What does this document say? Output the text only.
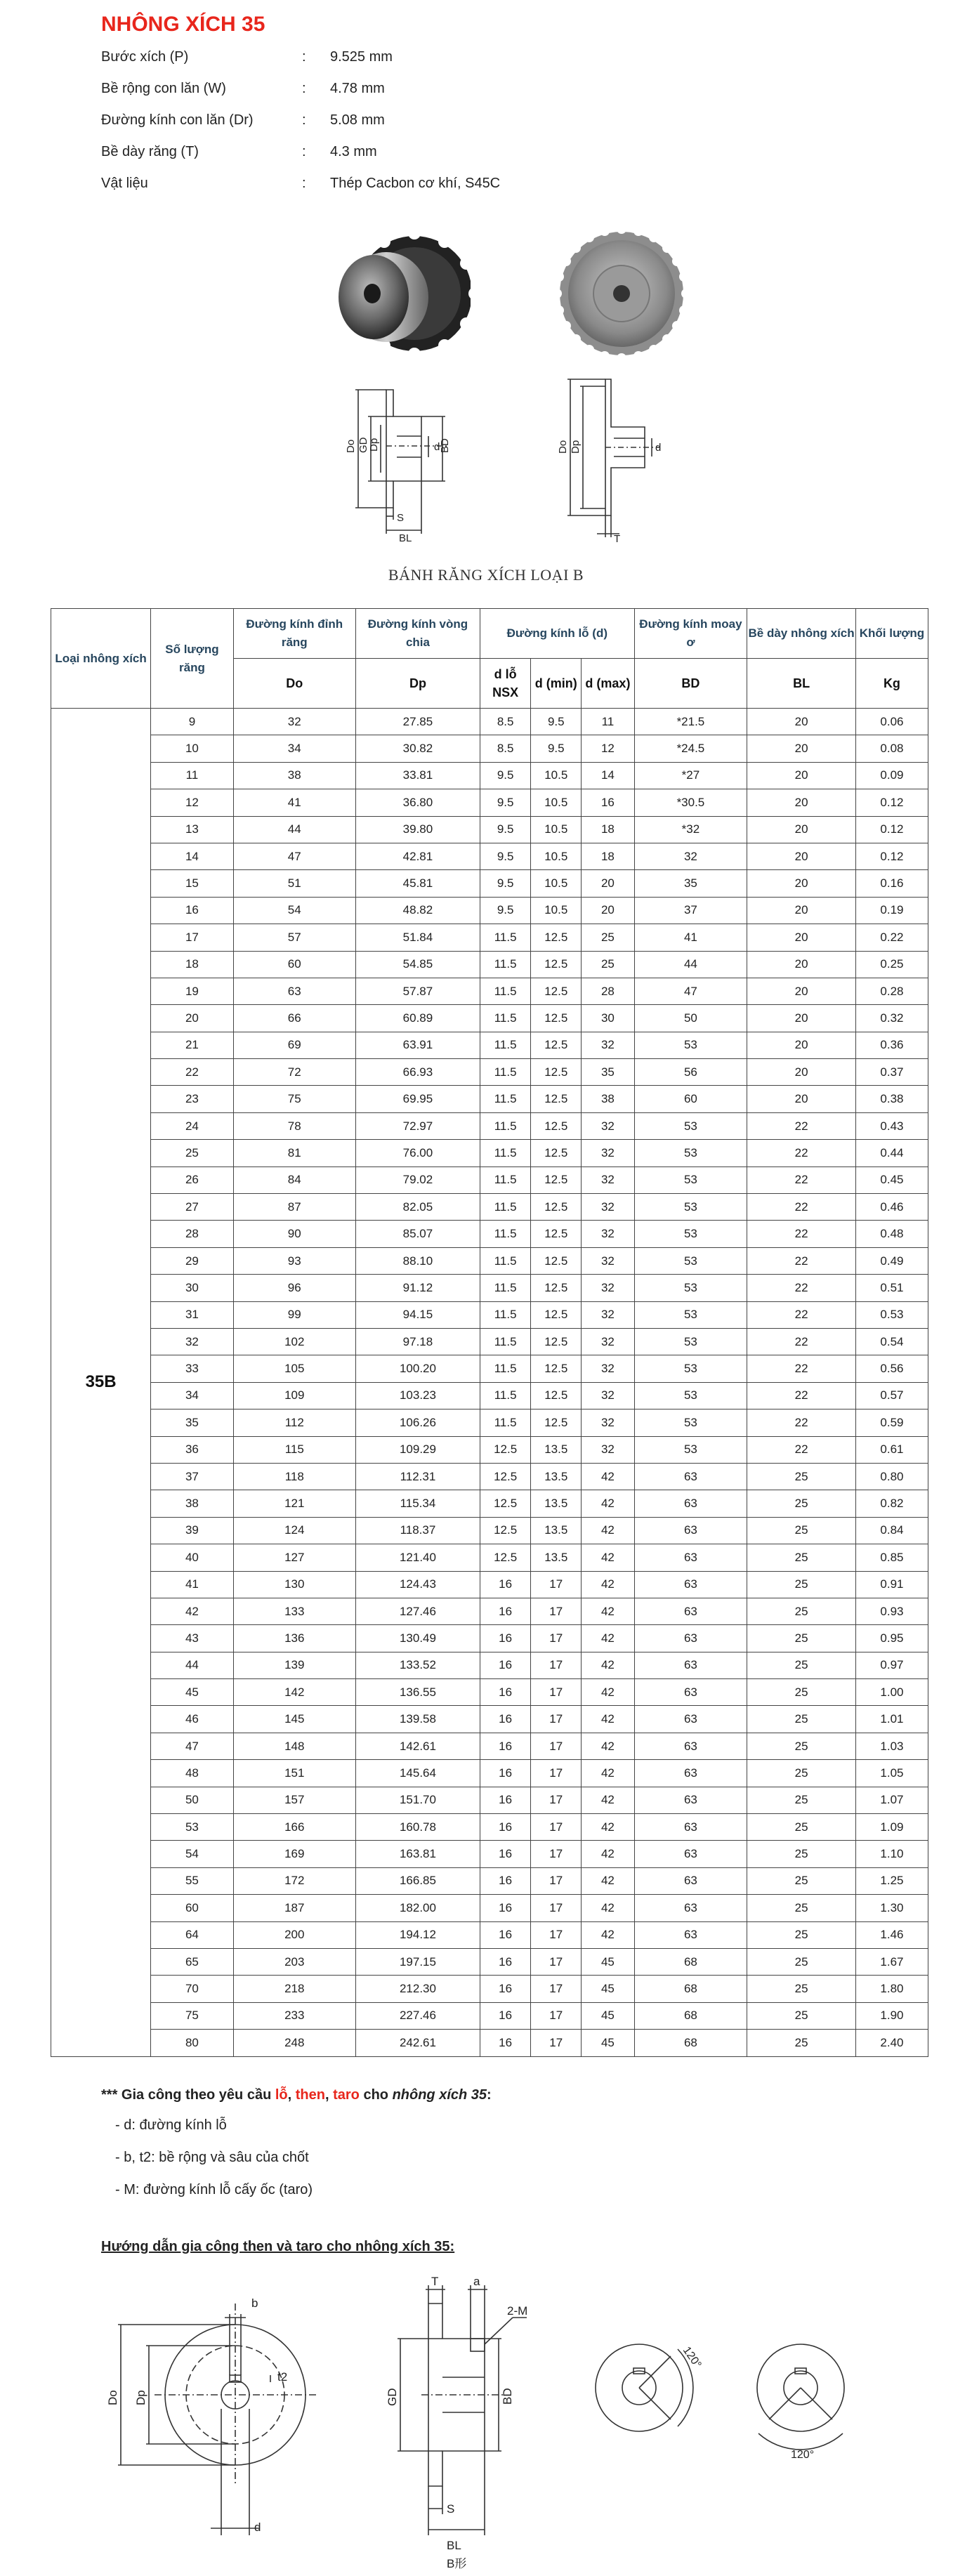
NHÔNG XÍCH 35
Bước xích (P)	:	9.525 mm
Bề rộng con lăn (W)	:	4.78 mm
Đường kính con lăn (Dr)	:	5.08 mm
Bề dày răng (T)	:	4.3 mm
Vật liệu	:	Thép Cacbon cơ khí, S45C
Do GD
Dp	d
BD
S
BL
Do Dp	d
T
BÁNH RĂNG XÍCH LOẠI B
Loại nhông xích	Số lượng răng	Đường kính đỉnh răng	Đường kính vòng chia	Đường kính lỗ (d)			Đường kính moay ơ	Bề dày nhông xích	Khối lượng
		Do	Dp	d lỗ NSX	d (min)	d (max)	BD	BL	Kg
35B	9	32	27.85	8.5	9.5	11	*21.5	20	0.06
	10	34	30.82	8.5	9.5	12	*24.5	20	0.08
	11	38	33.81	9.5	10.5	14	*27	20	0.09
	12	41	36.80	9.5	10.5	16	*30.5	20	0.12
	13	44	39.80	9.5	10.5	18	*32	20	0.12
	14	47	42.81	9.5	10.5	18	32	20	0.12
	15	51	45.81	9.5	10.5	20	35	20	0.16
	16	54	48.82	9.5	10.5	20	37	20	0.19
	17	57	51.84	11.5	12.5	25	41	20	0.22
	18	60	54.85	11.5	12.5	25	44	20	0.25
	19	63	57.87	11.5	12.5	28	47	20	0.28
	20	66	60.89	11.5	12.5	30	50	20	0.32
	21	69	63.91	11.5	12.5	32	53	20	0.36
	22	72	66.93	11.5	12.5	35	56	20	0.37
	23	75	69.95	11.5	12.5	38	60	20	0.38
	24	78	72.97	11.5	12.5	32	53	22	0.43
	25	81	76.00	11.5	12.5	32	53	22	0.44
	26	84	79.02	11.5	12.5	32	53	22	0.45
	27	87	82.05	11.5	12.5	32	53	22	0.46
	28	90	85.07	11.5	12.5	32	53	22	0.48
	29	93	88.10	11.5	12.5	32	53	22	0.49
	30	96	91.12	11.5	12.5	32	53	22	0.51
	31	99	94.15	11.5	12.5	32	53	22	0.53
	32	102	97.18	11.5	12.5	32	53	22	0.54
	33	105	100.20	11.5	12.5	32	53	22	0.56
	34	109	103.23	11.5	12.5	32	53	22	0.57
	35	112	106.26	11.5	12.5	32	53	22	0.59
	36	115	109.29	12.5	13.5	32	53	22	0.61
	37	118	112.31	12.5	13.5	42	63	25	0.80
	38	121	115.34	12.5	13.5	42	63	25	0.82
	39	124	118.37	12.5	13.5	42	63	25	0.84
	40	127	121.40	12.5	13.5	42	63	25	0.85
	41	130	124.43	16	17	42	63	25	0.91
	42	133	127.46	16	17	42	63	25	0.93
	43	136	130.49	16	17	42	63	25	0.95
	44	139	133.52	16	17	42	63	25	0.97
	45	142	136.55	16	17	42	63	25	1.00
	46	145	139.58	16	17	42	63	25	1.01
	47	148	142.61	16	17	42	63	25	1.03
	48	151	145.64	16	17	42	63	25	1.05
	50	157	151.70	16	17	42	63	25	1.07
	53	166	160.78	16	17	42	63	25	1.09
	54	169	163.81	16	17	42	63	25	1.10
	55	172	166.85	16	17	42	63	25	1.25
	60	187	182.00	16	17	42	63	25	1.30
	64	200	194.12	16	17	42	63	25	1.46
	65	203	197.15	16	17	45	68	25	1.67
	70	218	212.30	16	17	45	68	25	1.80
	75	233	227.46	16	17	45	68	25	1.90
	80	248	242.61	16	17	45	68	25	2.40
*** Gia công theo yêu cầu lỗ, then, taro cho nhông xích 35:
- d: đường kính lỗ
- b, t2: bề rộng và sâu của chốt
- M: đường kính lỗ cấy ốc (taro)
Hướng dẫn gia công then và taro cho nhông xích 35:
Do Dp
b
t2
d
T	a
2-M
GD	BD
S
BL
B形
120°
120°
